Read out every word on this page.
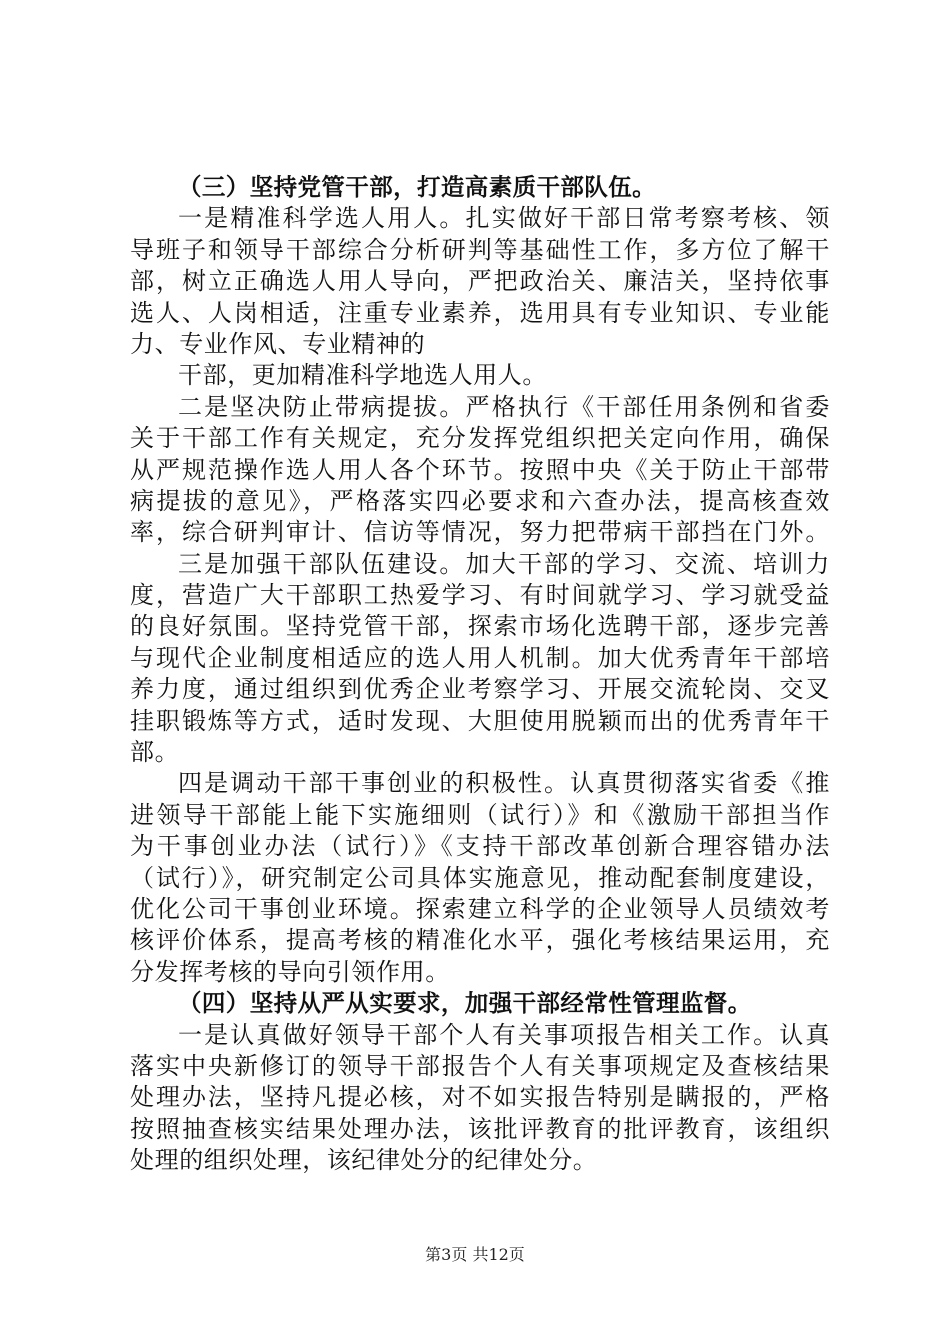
（三）坚持党管干部，打造高素质干部队伍。
一是精准科学选人用人。扎实做好干部日常考察考核、领
导班子和领导干部综合分析研判等基础性工作，多方位了解干
部，树立正确选人用人导向，严把政治关、廉洁关，坚持依事
选人、人岗相适，注重专业素养，选用具有专业知识、专业能
力、专业作风、专业精神的
干部，更加精准科学地选人用人。
二是坚决防止带病提拔。严格执行《干部任用条例和省委
关于干部工作有关规定，充分发挥党组织把关定向作用，确保
从严规范操作选人用人各个环节。按照中央《关于防止干部带
病提拔的意见》，严格落实四必要求和六查办法，提高核查效
率，综合研判审计、信访等情况，努力把带病干部挡在门外。
三是加强干部队伍建设。加大干部的学习、交流、培训力
度，营造广大干部职工热爱学习、有时间就学习、学习就受益
的良好氛围。坚持党管干部，探索市场化选聘干部，逐步完善
与现代企业制度相适应的选人用人机制。加大优秀青年干部培
养力度，通过组织到优秀企业考察学习、开展交流轮岗、交叉
挂职锻炼等方式，适时发现、大胆使用脱颖而出的优秀青年干
部。
四是调动干部干事创业的积极性。认真贯彻落实省委《推
进领导干部能上能下实施细则（试行）》和《激励干部担当作
为干事创业办法（试行）》《支持干部改革创新合理容错办法
（试行）》，研究制定公司具体实施意见，推动配套制度建设，
优化公司干事创业环境。探索建立科学的企业领导人员绩效考
核评价体系，提高考核的精准化水平，强化考核结果运用，充
分发挥考核的导向引领作用。
（四）坚持从严从实要求，加强干部经常性管理监督。
一是认真做好领导干部个人有关事项报告相关工作。认真
落实中央新修订的领导干部报告个人有关事项规定及查核结果
处理办法，坚持凡提必核，对不如实报告特别是瞒报的，严格
按照抽查核实结果处理办法，该批评教育的批评教育，该组织
处理的组织处理，该纪律处分的纪律处分。
第3页 共12页
